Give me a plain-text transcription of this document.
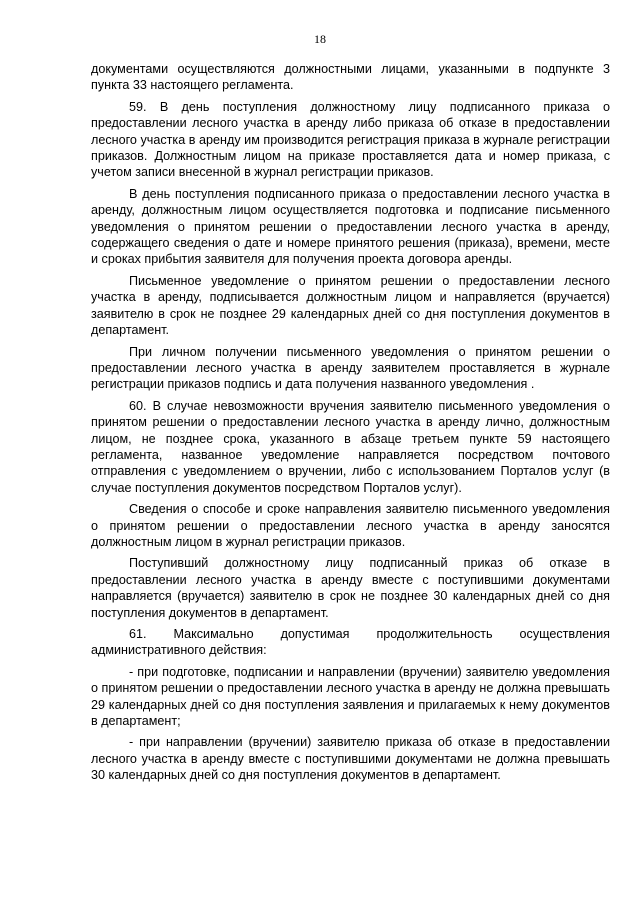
18

документами осуществляются должностными лицами, указанными в подпункте 3 пункта 33 настоящего регламента.

59. В день поступления должностному лицу подписанного приказа о предоставлении лесного участка в аренду либо приказа об отказе в предоставлении лесного участка в аренду им производится регистрация приказа в журнале регистрации приказов. Должностным лицом на приказе проставляется дата и номер приказа, с учетом записи внесенной в журнал регистрации приказов.

В день поступления подписанного приказа о предоставлении лесного участка в аренду, должностным лицом осуществляется подготовка и подписание письменного уведомления о принятом решении о предоставлении лесного участка в аренду, содержащего сведения о дате и номере принятого решения (приказа), времени, месте и сроках прибытия заявителя для получения проекта договора аренды.

Письменное уведомление о принятом решении о предоставлении лесного участка в аренду, подписывается должностным лицом и направляется (вручается) заявителю в срок не позднее 29 календарных дней со дня поступления документов в департамент.

При личном получении письменного уведомления о принятом решении о предоставлении лесного участка в аренду заявителем проставляется в журнале регистрации приказов подпись и дата получения названного уведомления .

60. В случае невозможности вручения заявителю письменного уведомления о принятом решении о предоставлении лесного участка в аренду лично, должностным лицом, не позднее срока, указанного в абзаце третьем пункте 59 настоящего регламента, названное уведомление направляется посредством почтового отправления с уведомлением о вручении, либо с использованием Порталов услуг (в случае поступления документов посредством Порталов услуг).

Сведения о способе и сроке направления заявителю письменного уведомления о принятом решении о предоставлении лесного участка в аренду заносятся должностным лицом в журнал регистрации приказов.

Поступивший должностному лицу подписанный приказ об отказе в предоставлении лесного участка в аренду вместе с поступившими документами направляется (вручается) заявителю в срок не позднее 30 календарных дней со дня поступления документов в департамент.

61. Максимально допустимая продолжительность осуществления административного действия:

- при подготовке, подписании и направлении (вручении) заявителю уведомления о принятом решении о предоставлении лесного участка в аренду не должна превышать 29 календарных дней со дня поступления заявления и прилагаемых к нему документов в департамент;

- при направлении (вручении) заявителю приказа об отказе в предоставлении лесного участка в аренду вместе с поступившими документами не должна превышать 30 календарных дней со дня поступления документов в департамент.
